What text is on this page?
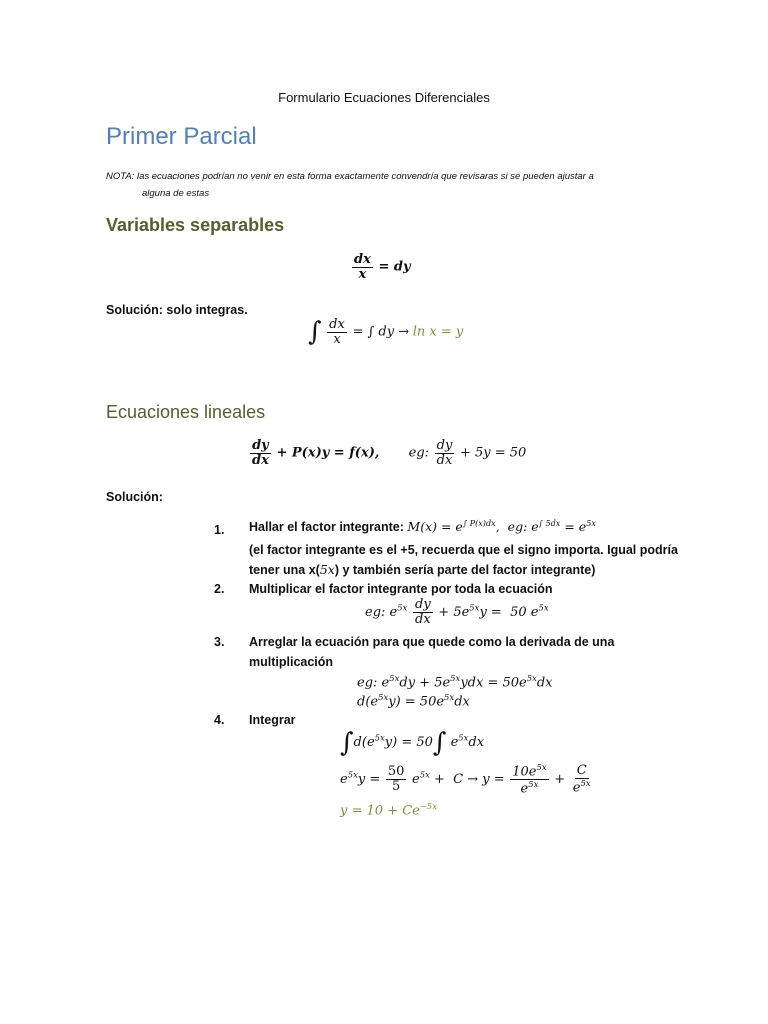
Formulario Ecuaciones Diferenciales
Primer Parcial
NOTA: las ecuaciones podrían no venir en esta forma exactamente convendría que revisaras si se pueden ajustar a
alguna de estas
Variables separables
$\frac{dx}{x}$ = dy
Solución: solo integras.
∫ $\frac{dx}{x}$ = ∫ dy → ln x = y
Ecuaciones lineales
$\frac{dy}{dx} + P(x)y = f(x)$, eg: $\frac{dy}{dx} + 5y = 50$
Solución:
1. Hallar el factor integrante: $M(x) = e^{\int P(x)dx}$,  eg: $e^{\int 5dx} = e^{5x}$
(el factor integrante es el +5, recuerda que el signo importa. Igual podría
tener una x(5x) y también sería parte del factor integrante)
2. Multiplicar el factor integrante por toda la ecuación
eg: $e^{5x} \frac{dy}{dx} + 5e^{5x}y = 50$ $e^{5x}$
3. Arreglar la ecuación para que quede como la derivada de una
multiplicación
eg: $e^{5x}dy + 5e^{5x}ydx = 50e^{5x}dx$
$d(e^{5x}y) = 50e^{5x}dx$
4. Integrar
$\int d(e^{5x}y) = 50\int$ $e^{5x}dx$
$e^{5x}y = \frac{50}{5} e^{5x} + C \to y = \frac{10e^{5x}}{e^{5x}} + \frac{C}{e^{5x}}$
$y = 10 + Ce^{-5x}$
